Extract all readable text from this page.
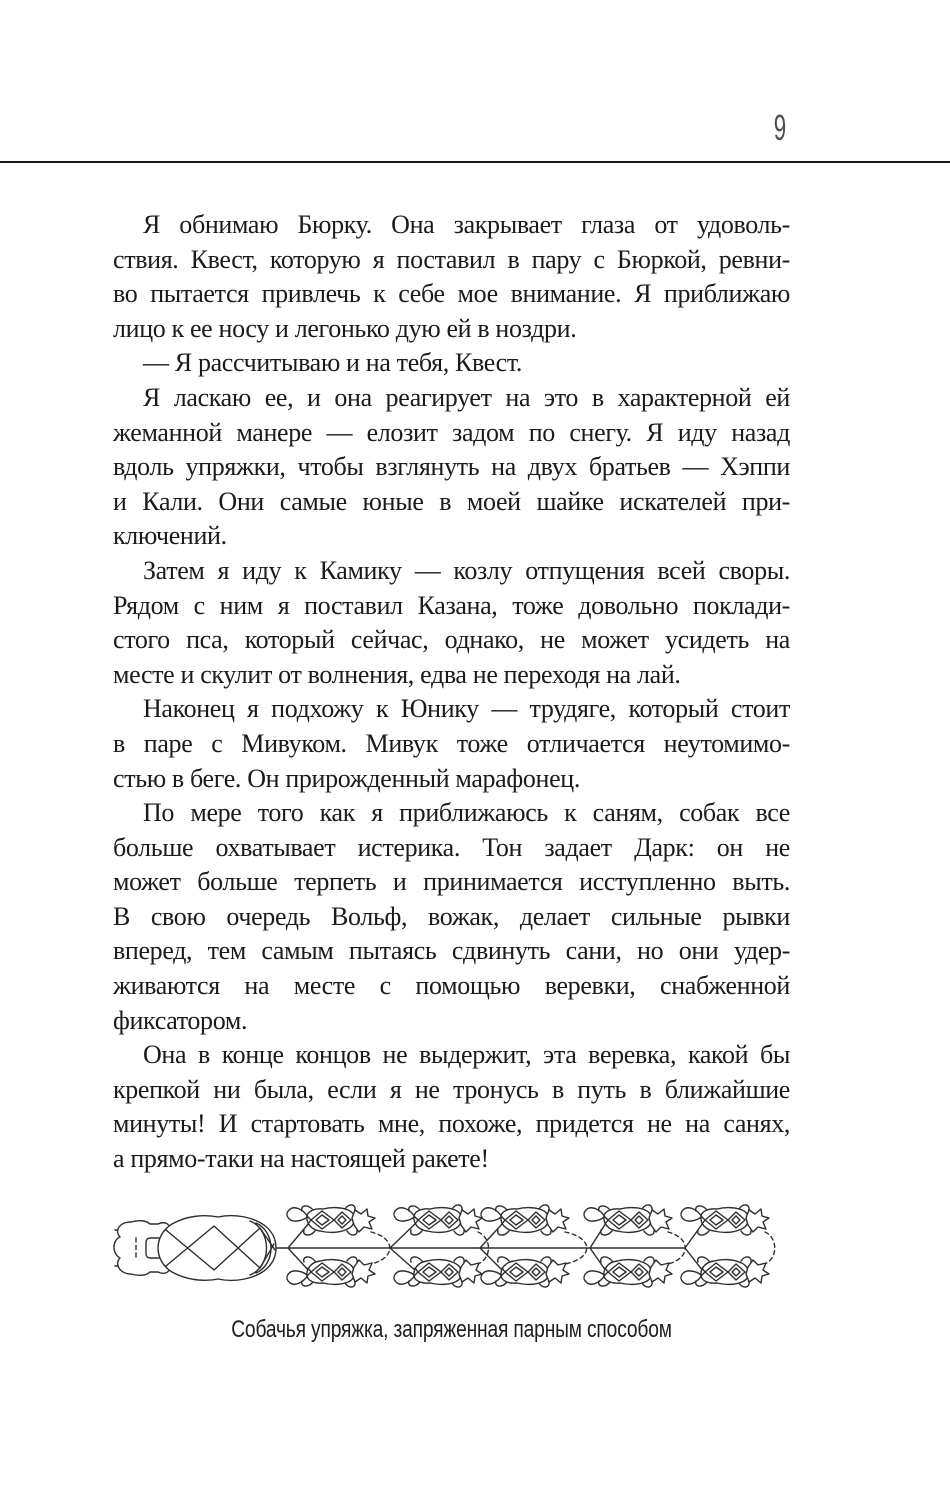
9
Я обнимаю Бюрку. Она закрывает глаза от удоволь-
ствия. Квест, которую я поставил в пару с Бюркой, ревни-
во пытается привлечь к себе мое внимание. Я приближаю
лицо к ее носу и легонько дую ей в ноздри.
— Я рассчитываю и на тебя, Квест.
Я ласкаю ее, и она реагирует на это в характерной ей
жеманной манере — елозит задом по снегу. Я иду назад
вдоль упряжки, чтобы взглянуть на двух братьев — Хэппи
и Кали. Они самые юные в моей шайке искателей при-
ключений.
Затем я иду к Камику — козлу отпущения всей своры.
Рядом с ним я поставил Казана, тоже довольно поклади-
стого пса, который сейчас, однако, не может усидеть на
месте и скулит от волнения, едва не переходя на лай.
Наконец я подхожу к Юнику — трудяге, который стоит
в паре с Мивуком. Мивук тоже отличается неутомимо-
стью в беге. Он прирожденный марафонец.
По мере того как я приближаюсь к саням, собак все
больше охватывает истерика. Тон задает Дарк: он не
может больше терпеть и принимается исступленно выть.
В свою очередь Вольф, вожак, делает сильные рывки
вперед, тем самым пытаясь сдвинуть сани, но они удер-
живаются на месте с помощью веревки, снабженной
фиксатором.
Она в конце концов не выдержит, эта веревка, какой бы
крепкой ни была, если я не тронусь в путь в ближайшие
минуты! И стартовать мне, похоже, придется не на санях,
а прямо-таки на настоящей ракете!
Собачья упряжка, запряженная парным способом
